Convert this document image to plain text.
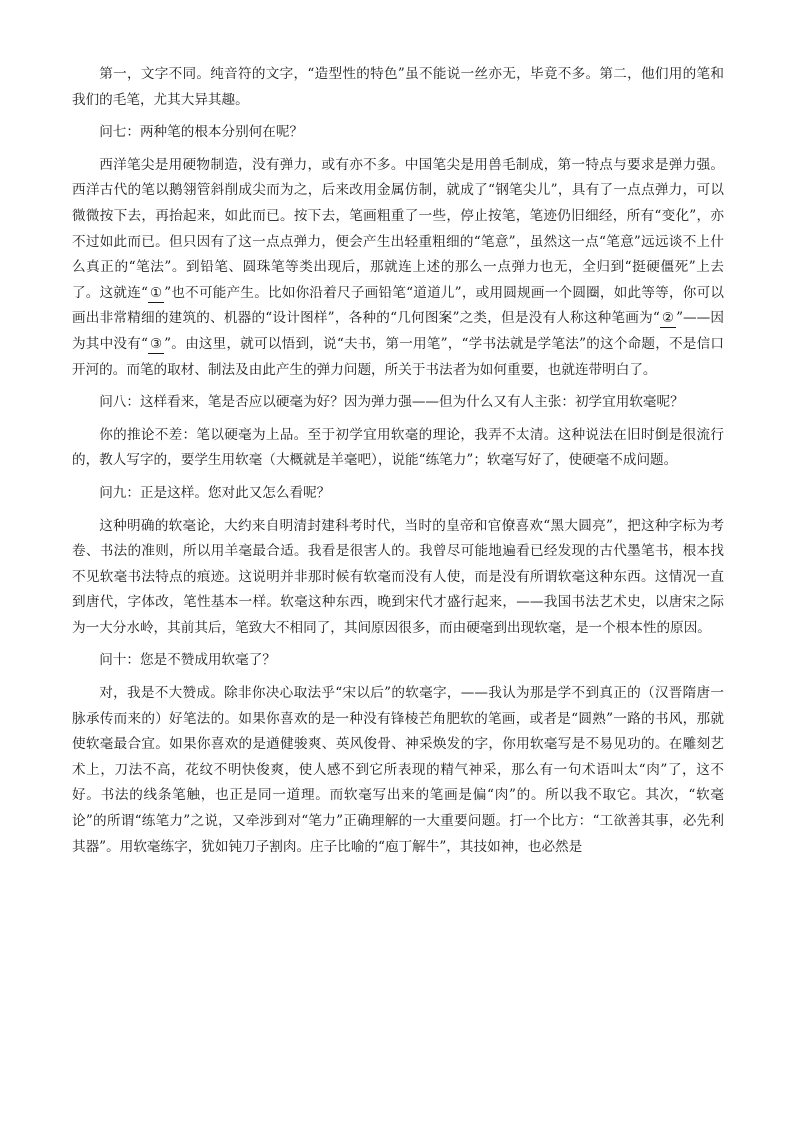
第一，文字不同。纯音符的文字，“造型性的特色”虽不能说一丝亦无，毕竟不多。第二，他们用的笔和我们的毛笔，尤其大异其趣。

问七：两种笔的根本分别何在呢？

西洋笔尖是用硬物制造，没有弹力，或有亦不多。中国笔尖是用兽毛制成，第一特点与要求是弹力强。西洋古代的笔以鹅翎管斜削成尖而为之，后来改用金属仿制，就成了“钢笔尖儿”，具有了一点点弹力，可以微微按下去，再抬起来，如此而已。按下去，笔画粗重了一些，停止按笔，笔迹仍旧细经，所有“变化”，亦不过如此而已。但只因有了这一点点弹力，便会产生出轻重粗细的“笔意”，虽然这一点“笔意”远远谈不上什么真正的“笔法”。到铅笔、圆珠笔等类出现后，那就连上述的那么一点弹力也无，全归到“挺硬僵死”上去了。这就连“ ① ”也不可能产生。比如你沿着尺子画铅笔“道道儿”，或用圆规画一个圆圈，如此等等，你可以画出非常精细的建筑的、机器的“设计图样”，各种的“几何图案”之类，但是没有人称这种笔画为“ ② ”——因为其中没有“ ③ ”。由这里，就可以悟到，说“夫书，第一用笔”，“学书法就是学笔法”的这个命题，不是信口开河的。而笔的取材、制法及由此产生的弹力问题，所关于书法者为如何重要，也就连带明白了。

问八：这样看来，笔是否应以硬毫为好？因为弹力强——但为什么又有人主张：初学宜用软毫呢？

你的推论不差：笔以硬毫为上品。至于初学宜用软毫的理论，我弄不太清。这种说法在旧时倒是很流行的，教人写字的，要学生用软毫（大概就是羊毫吧），说能“练笔力”；软毫写好了，使硬毫不成问题。

问九：正是这样。您对此又怎么看呢？

这种明确的软毫论，大约来自明清封建科考时代，当时的皇帝和官僚喜欢“黑大圆亮”，把这种字标为考卷、书法的准则，所以用羊毫最合适。我看是很害人的。我曾尽可能地遍看已经发现的古代墨笔书，根本找不见软毫书法特点的痕迹。这说明并非那时候有软毫而没有人使，而是没有所谓软毫这种东西。这情况一直到唐代，字体改，笔性基本一样。软毫这种东西，晚到宋代才盛行起来，——我国书法艺术史，以唐宋之际为一大分水岭，其前其后，笔致大不相同了，其间原因很多，而由硬毫到出现软毫，是一个根本性的原因。

问十：您是不赞成用软毫了？

对，我是不大赞成。除非你决心取法乎“宋以后”的软毫字，——我认为那是学不到真正的（汉晋隋唐一脉承传而来的）好笔法的。如果你喜欢的是一种没有锋棱芒角肥软的笔画，或者是“圆熟”一路的书风，那就使软毫最合宜。如果你喜欢的是遒健骏爽、英风俊骨、神采焕发的字，你用软毫写是不易见功的。在雕刻艺术上，刀法不高，花纹不明快俊爽，使人感不到它所表现的精气神采，那么有一句术语叫太“肉”了，这不好。书法的线条笔触，也正是同一道理。而软毫写出来的笔画是偏“肉”的。所以我不取它。其次，“软毫论”的所谓“练笔力”之说，又牵涉到对“笔力”正确理解的一大重要问题。打一个比方：“工欲善其事，必先利其器”。用软毫练字，犹如钝刀子割肉。庄子比喻的“庖丁解牛”，其技如神，也必然是
